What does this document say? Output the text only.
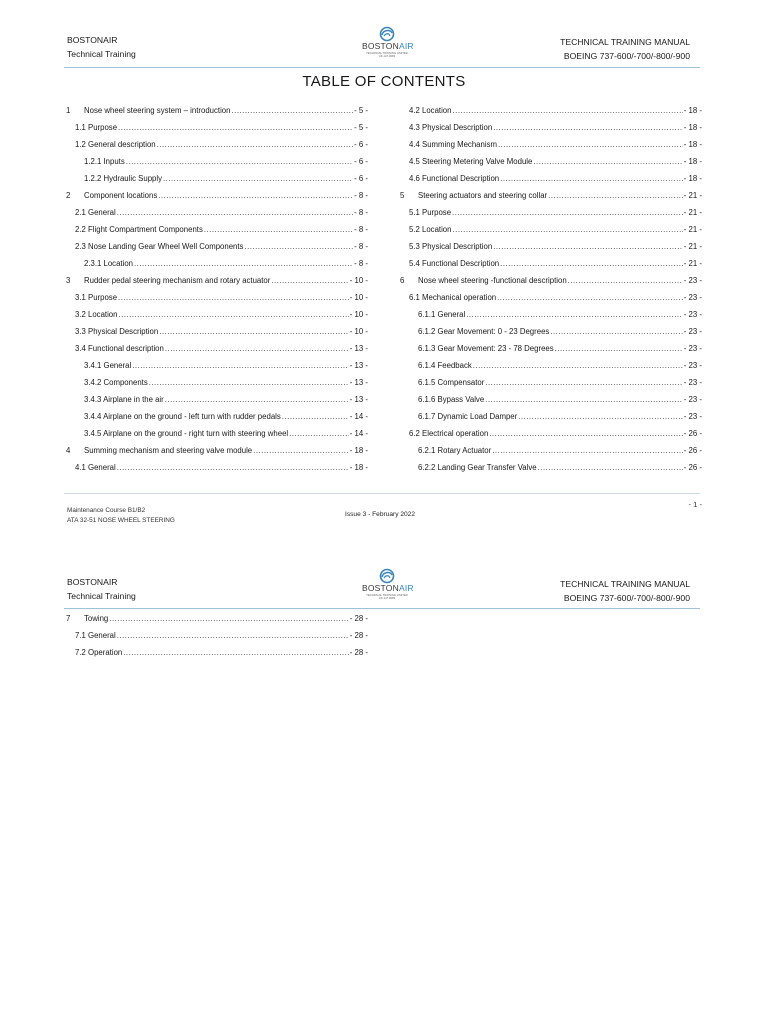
BOSTONAIR
Technical Training
BOSTONAIR
TECHNICAL TRAINING LIMITED UK.147.0083
TECHNICAL TRAINING MANUAL
BOEING 737-600/-700/-800/-900
TABLE OF CONTENTS
1	Nose wheel steering system – introduction .....	- 5 -
1.1 Purpose .....	- 5 -
1.2 General description .....	- 6 -
1.2.1 Inputs .....	- 6 -
1.2.2 Hydraulic Supply .....	- 6 -
2	Component locations .....	- 8 -
2.1 General .....	- 8 -
2.2 Flight Compartment Components .....	- 8 -
2.3 Nose Landing Gear Wheel Well Components .....	- 8 -
2.3.1 Location .....	- 8 -
3	Rudder pedal steering mechanism and rotary actuator .....	- 10 -
3.1 Purpose .....	- 10 -
3.2 Location .....	- 10 -
3.3 Physical Description .....	- 10 -
3.4 Functional description .....	- 13 -
3.4.1 General .....	- 13 -
3.4.2 Components .....	- 13 -
3.4.3 Airplane in the air .....	- 13 -
3.4.4 Airplane on the ground - left turn with rudder pedals .....	- 14 -
3.4.5 Airplane on the ground - right turn with steering wheel .....	- 14 -
4	Summing mechanism and steering valve module .....	- 18 -
4.1 General .....	- 18 -
4.2 Location .....	- 18 -
4.3 Physical Description .....	- 18 -
4.4 Summing Mechanism .....	- 18 -
4.5 Steering Metering Valve Module .....	- 18 -
4.6 Functional Description .....	- 18 -
5	Steering actuators and steering collar .....	- 21 -
5.1 Purpose .....	- 21 -
5.2 Location .....	- 21 -
5.3 Physical Description .....	- 21 -
5.4 Functional Description .....	- 21 -
6	Nose wheel steering -functional description .....	- 23 -
6.1 Mechanical operation .....	- 23 -
6.1.1 General .....	- 23 -
6.1.2 Gear Movement: 0 - 23 Degrees .....	- 23 -
6.1.3 Gear Movement: 23 - 78 Degrees .....	- 23 -
6.1.4 Feedback .....	- 23 -
6.1.5 Compensator .....	- 23 -
6.1.6 Bypass Valve .....	- 23 -
6.1.7 Dynamic Load Damper .....	- 23 -
6.2 Electrical operation .....	- 26 -
6.2.1 Rotary Actuator .....	- 26 -
6.2.2 Landing Gear Transfer Valve .....	- 26 -
Maintenance Course B1/B2
ATA 32-51 NOSE WHEEL STEERING
Issue 3 - February 2022
- 1 -
BOSTONAIR
Technical Training
BOSTONAIR
TECHNICAL TRAINING LIMITED UK.147.0083
TECHNICAL TRAINING MANUAL
BOEING 737-600/-700/-800/-900
7	Towing .....	- 28 -
7.1 General .....	- 28 -
7.2 Operation .....	- 28 -
